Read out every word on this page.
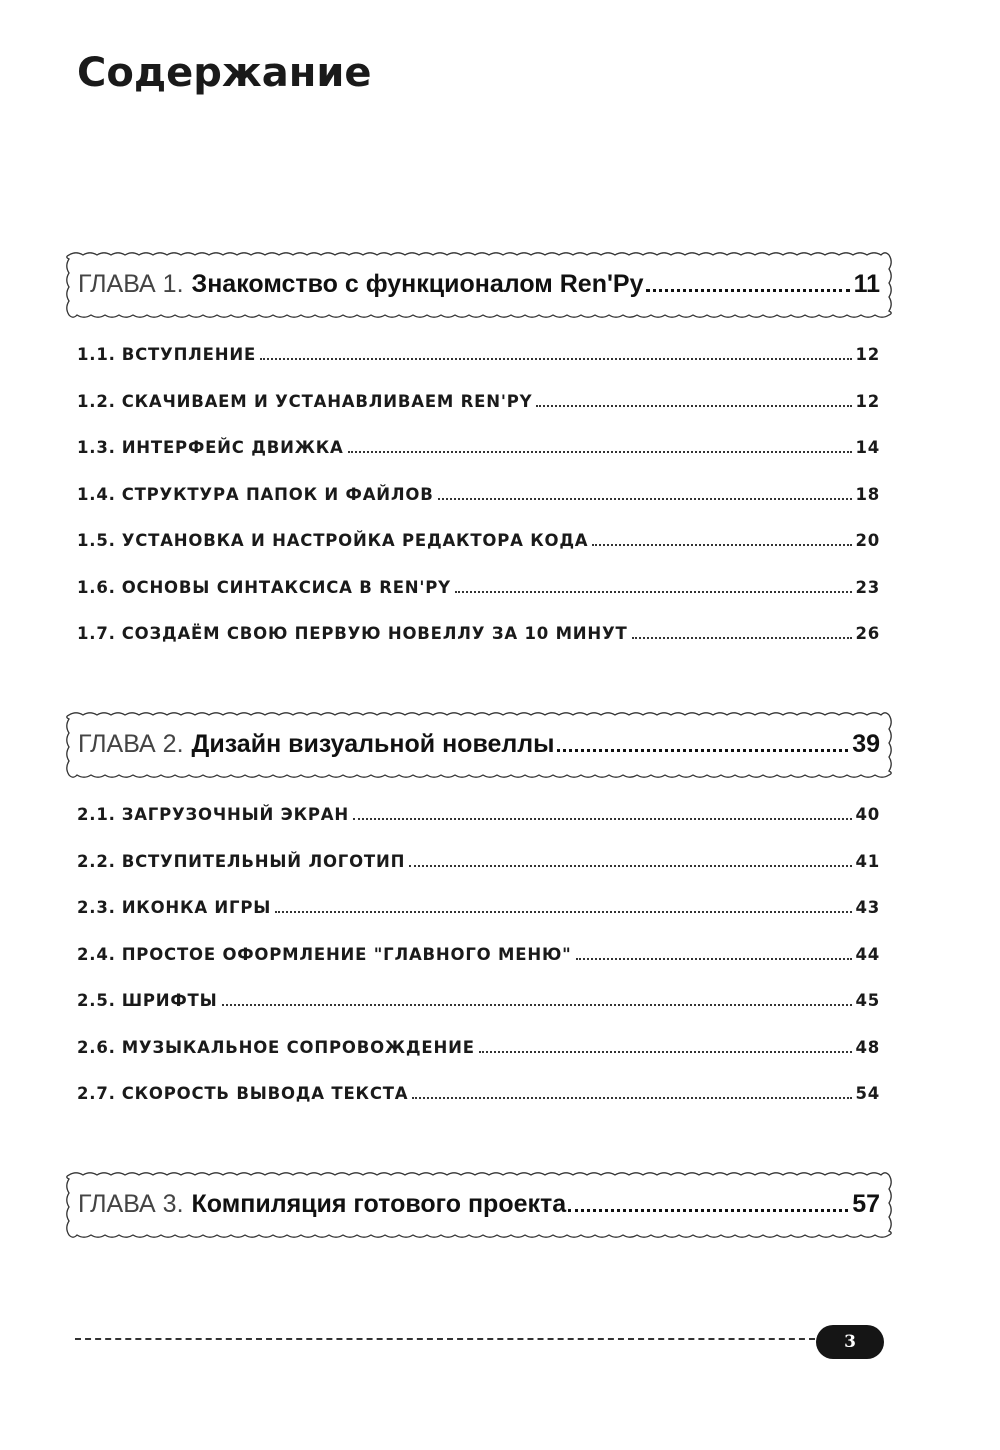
Содержание
ГЛАВА 1. Знакомство с функционалом Ren'Py	11
1.1. ВСТУПЛЕНИЕ	12
1.2. СКАЧИВАЕМ И УСТАНАВЛИВАЕМ REN'PY	12
1.3. ИНТЕРФЕЙС ДВИЖКА	14
1.4. СТРУКТУРА ПАПОК И ФАЙЛОВ	18
1.5. УСТАНОВКА И НАСТРОЙКА РЕДАКТОРА КОДА	20
1.6. ОСНОВЫ СИНТАКСИСА В REN'PY	23
1.7. СОЗДАЁМ СВОЮ ПЕРВУЮ НОВЕЛЛУ ЗА 10 МИНУТ	26
ГЛАВА 2. Дизайн визуальной новеллы	39
2.1. ЗАГРУЗОЧНЫЙ ЭКРАН	40
2.2. ВСТУПИТЕЛЬНЫЙ ЛОГОТИП	41
2.3. ИКОНКА ИГРЫ	43
2.4. ПРОСТОЕ ОФОРМЛЕНИЕ "ГЛАВНОГО МЕНЮ"	44
2.5. ШРИФТЫ	45
2.6. МУЗЫКАЛЬНОЕ СОПРОВОЖДЕНИЕ	48
2.7. СКОРОСТЬ ВЫВОДА ТЕКСТА	54
ГЛАВА 3. Компиляция готового проекта	57
3
